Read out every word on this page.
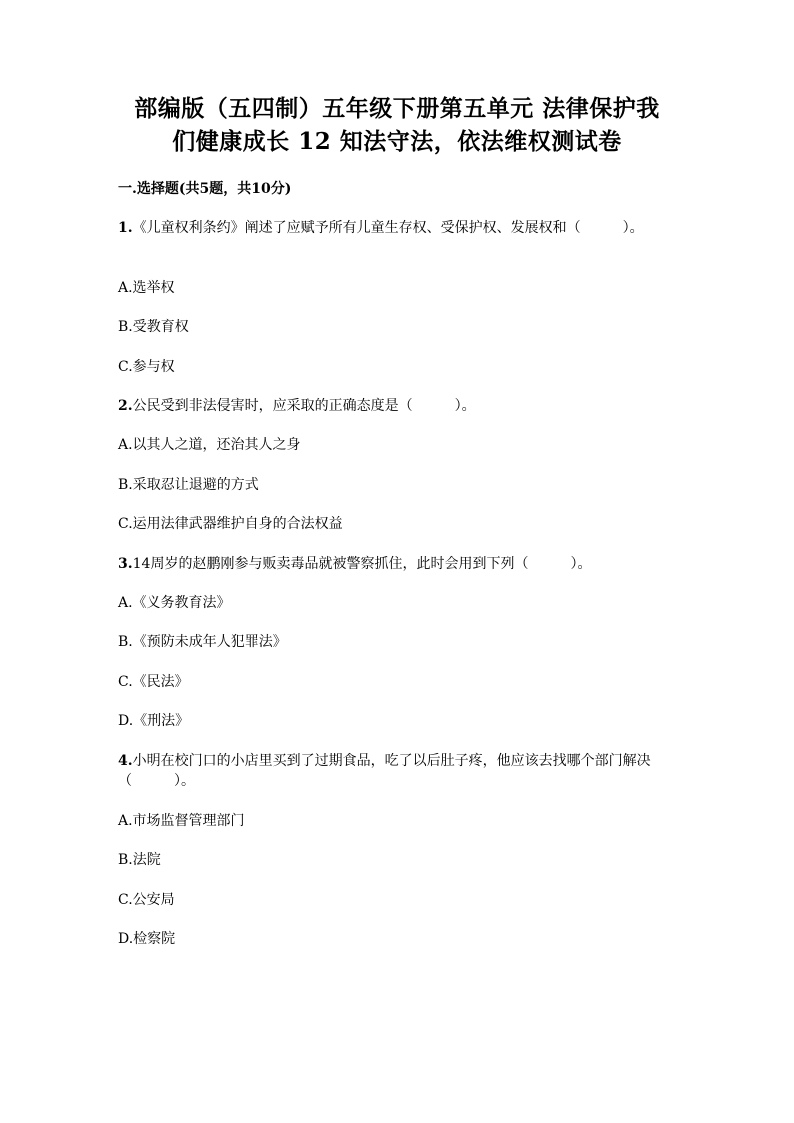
部编版（五四制）五年级下册第五单元 法律保护我
们健康成长 12 知法守法，依法维权测试卷
一.选择题(共5题，共10分)
1.《儿童权利条约》阐述了应赋予所有儿童生存权、受保护权、发展权和（　　　）。
A.选举权
B.受教育权
C.参与权
2.公民受到非法侵害时，应采取的正确态度是（　　　）。
A.以其人之道，还治其人之身
B.采取忍让退避的方式
C.运用法律武器维护自身的合法权益
3.14周岁的赵鹏刚参与贩卖毒品就被警察抓住，此时会用到下列（　　　）。
A.《义务教育法》
B.《预防未成年人犯罪法》
C.《民法》
D.《刑法》
4.小明在校门口的小店里买到了过期食品，吃了以后肚子疼，他应该去找哪个部门解决（　　　）。
A.市场监督管理部门
B.法院
C.公安局
D.检察院
